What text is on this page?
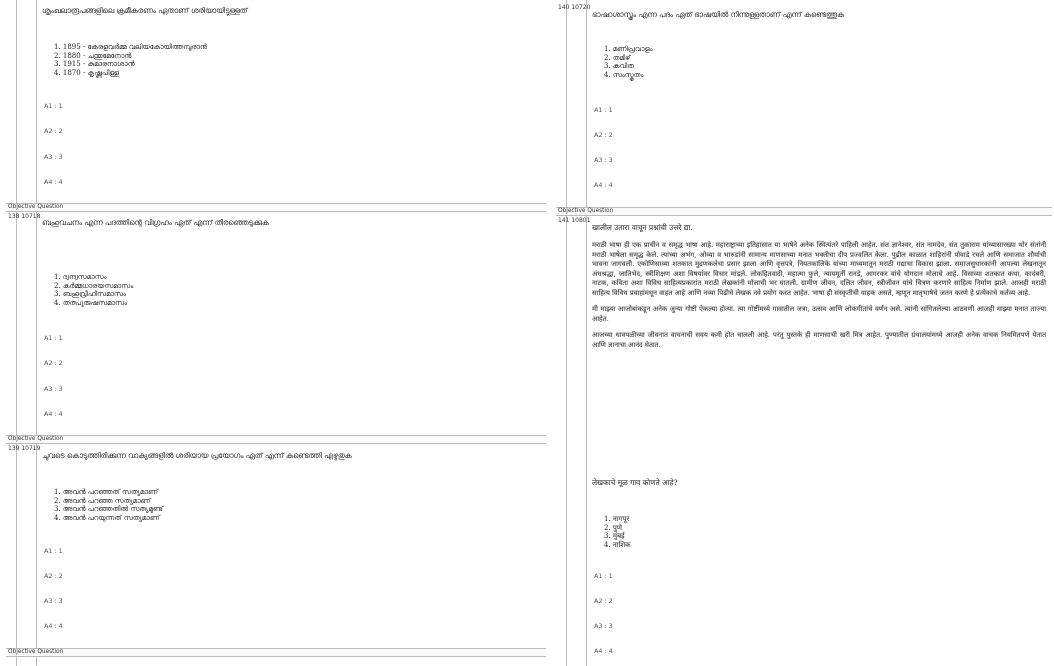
ശൃംഖലാരൂപങ്ങളിലെ ക്രമീകരണം ഏതാണ് ശരിയായിട്ടുള്ളത്
1. 1895 - കേരളവർമ്മ വലിയകോയിത്തമ്പുരാൻ
2. 1880 - ചന്തുമേനോൻ
3. 1915 - കുമാരനാശാൻ
4. 1870 - കൃഷ്ണപിള്ള
A1 : 1
A2 : 2
A3 : 3
A4 : 4
Objective Question
138 10718
ബഹുവചനം എന്ന പദത്തിന്റെ വിഗ്രഹം ഏത് എന്ന് തിരഞ്ഞെടുക്കുക
1. ദ്വന്ദ്വസമാസം
2. കർമ്മധാരയസമാസം
3. ബഹുവ്രീഹിസമാസം
4. തത്പുരുഷസമാസം
A1 : 1
A2 : 2
A3 : 3
A4 : 4
Objective Question
139 10719
ചുവടെ കൊടുത്തിരിക്കുന്ന വാക്യങ്ങളിൽ ശരിയായ പ്രയോഗം ഏത് എന്ന് കണ്ടെത്തി എഴുതുക
1. അവൻ പറഞ്ഞത് സത്യമാണ്
2. അവൻ പറഞ്ഞ സത്യമാണ്
3. അവൻ പറഞ്ഞതിൽ സത്യമുണ്ട്
4. അവൻ പറയുന്നത് സത്യമാണ്
A1 : 1
A2 : 2
A3 : 3
A4 : 4
Objective Question
140 10720
ഭാഷാശാസ്ത്രം എന്ന പദം ഏത് ഭാഷയിൽ നിന്നുള്ളതാണ് എന്ന് കണ്ടെത്തുക
1. മണിപ്രവാളം
2. തമിഴ്
3. കവിത
4. സംസ്കൃതം
A1 : 1
A2 : 2
A3 : 3
A4 : 4
Objective Question
141 10801
खालील उतारा वाचून प्रश्नांची उत्तरे द्या.

मराठी भाषा ही एक प्राचीन व समृद्ध भाषा आहे. महाराष्ट्राच्या इतिहासात या भाषेने अनेक स्थित्यंतरे पाहिली आहेत. संत ज्ञानेश्वर, संत नामदेव, संत तुकाराम यांच्यासारख्या थोर संतांनी मराठी भाषेला समृद्ध केले. त्यांच्या अभंग, ओव्या व भारुडांनी सामान्य माणसाच्या मनात भक्तीचा दीप प्रज्वलित केला. पुढील काळात शाहिरांनी पोवाडे रचले आणि समाजात शौर्याची भावना जागवली. एकोणिसाव्या शतकात मुद्रणकलेचा प्रसार झाला आणि वृत्तपत्रे, नियतकालिके यांच्या माध्यमातून मराठी गद्याचा विकास झाला. समाजसुधारकांनी आपल्या लेखनातून अंधश्रद्धा, जातिभेद, स्त्रीशिक्षण अशा विषयांवर विचार मांडले. लोकहितवादी, महात्मा फुले, न्यायमूर्ती रानडे, आगरकर यांचे योगदान मोलाचे आहे. विसाव्या शतकात कथा, कादंबरी, नाटक, कविता अशा विविध साहित्यप्रकारांत मराठी लेखकांनी मोलाची भर घातली. ग्रामीण जीवन, दलित जीवन, स्त्रीजीवन यांचे चित्रण करणारे साहित्य निर्माण झाले. आजही मराठी साहित्य विविध प्रवाहांमधून वाहत आहे आणि नव्या पिढीचे लेखक नवे प्रयोग करत आहेत. भाषा ही संस्कृतीची वाहक असते, म्हणून मातृभाषेचे जतन करणे हे प्रत्येकाचे कर्तव्य आहे.

मी माझ्या आजोबांकडून अनेक जुन्या गोष्टी ऐकल्या होत्या. त्या गोष्टींमध्ये गावातील जत्रा, उत्सव आणि लोकगीतांचे वर्णन असे. त्यांनी सांगितलेल्या आठवणी आजही माझ्या मनात ताज्या आहेत.

आजच्या धावपळीच्या जीवनात वाचनाची सवय कमी होत चालली आहे. परंतु पुस्तके ही माणसाची खरी मित्र आहेत. पुण्यातील ग्रंथालयांमध्ये आजही अनेक वाचक नियमितपणे येतात आणि ज्ञानाचा आनंद घेतात.

लेखकाचे मूळ गाव कोणते आहे?
1. नागपूर
2. पुणे
3. मुंबई
4. नाशिक
A1 : 1
A2 : 2
A3 : 3
A4 : 4
